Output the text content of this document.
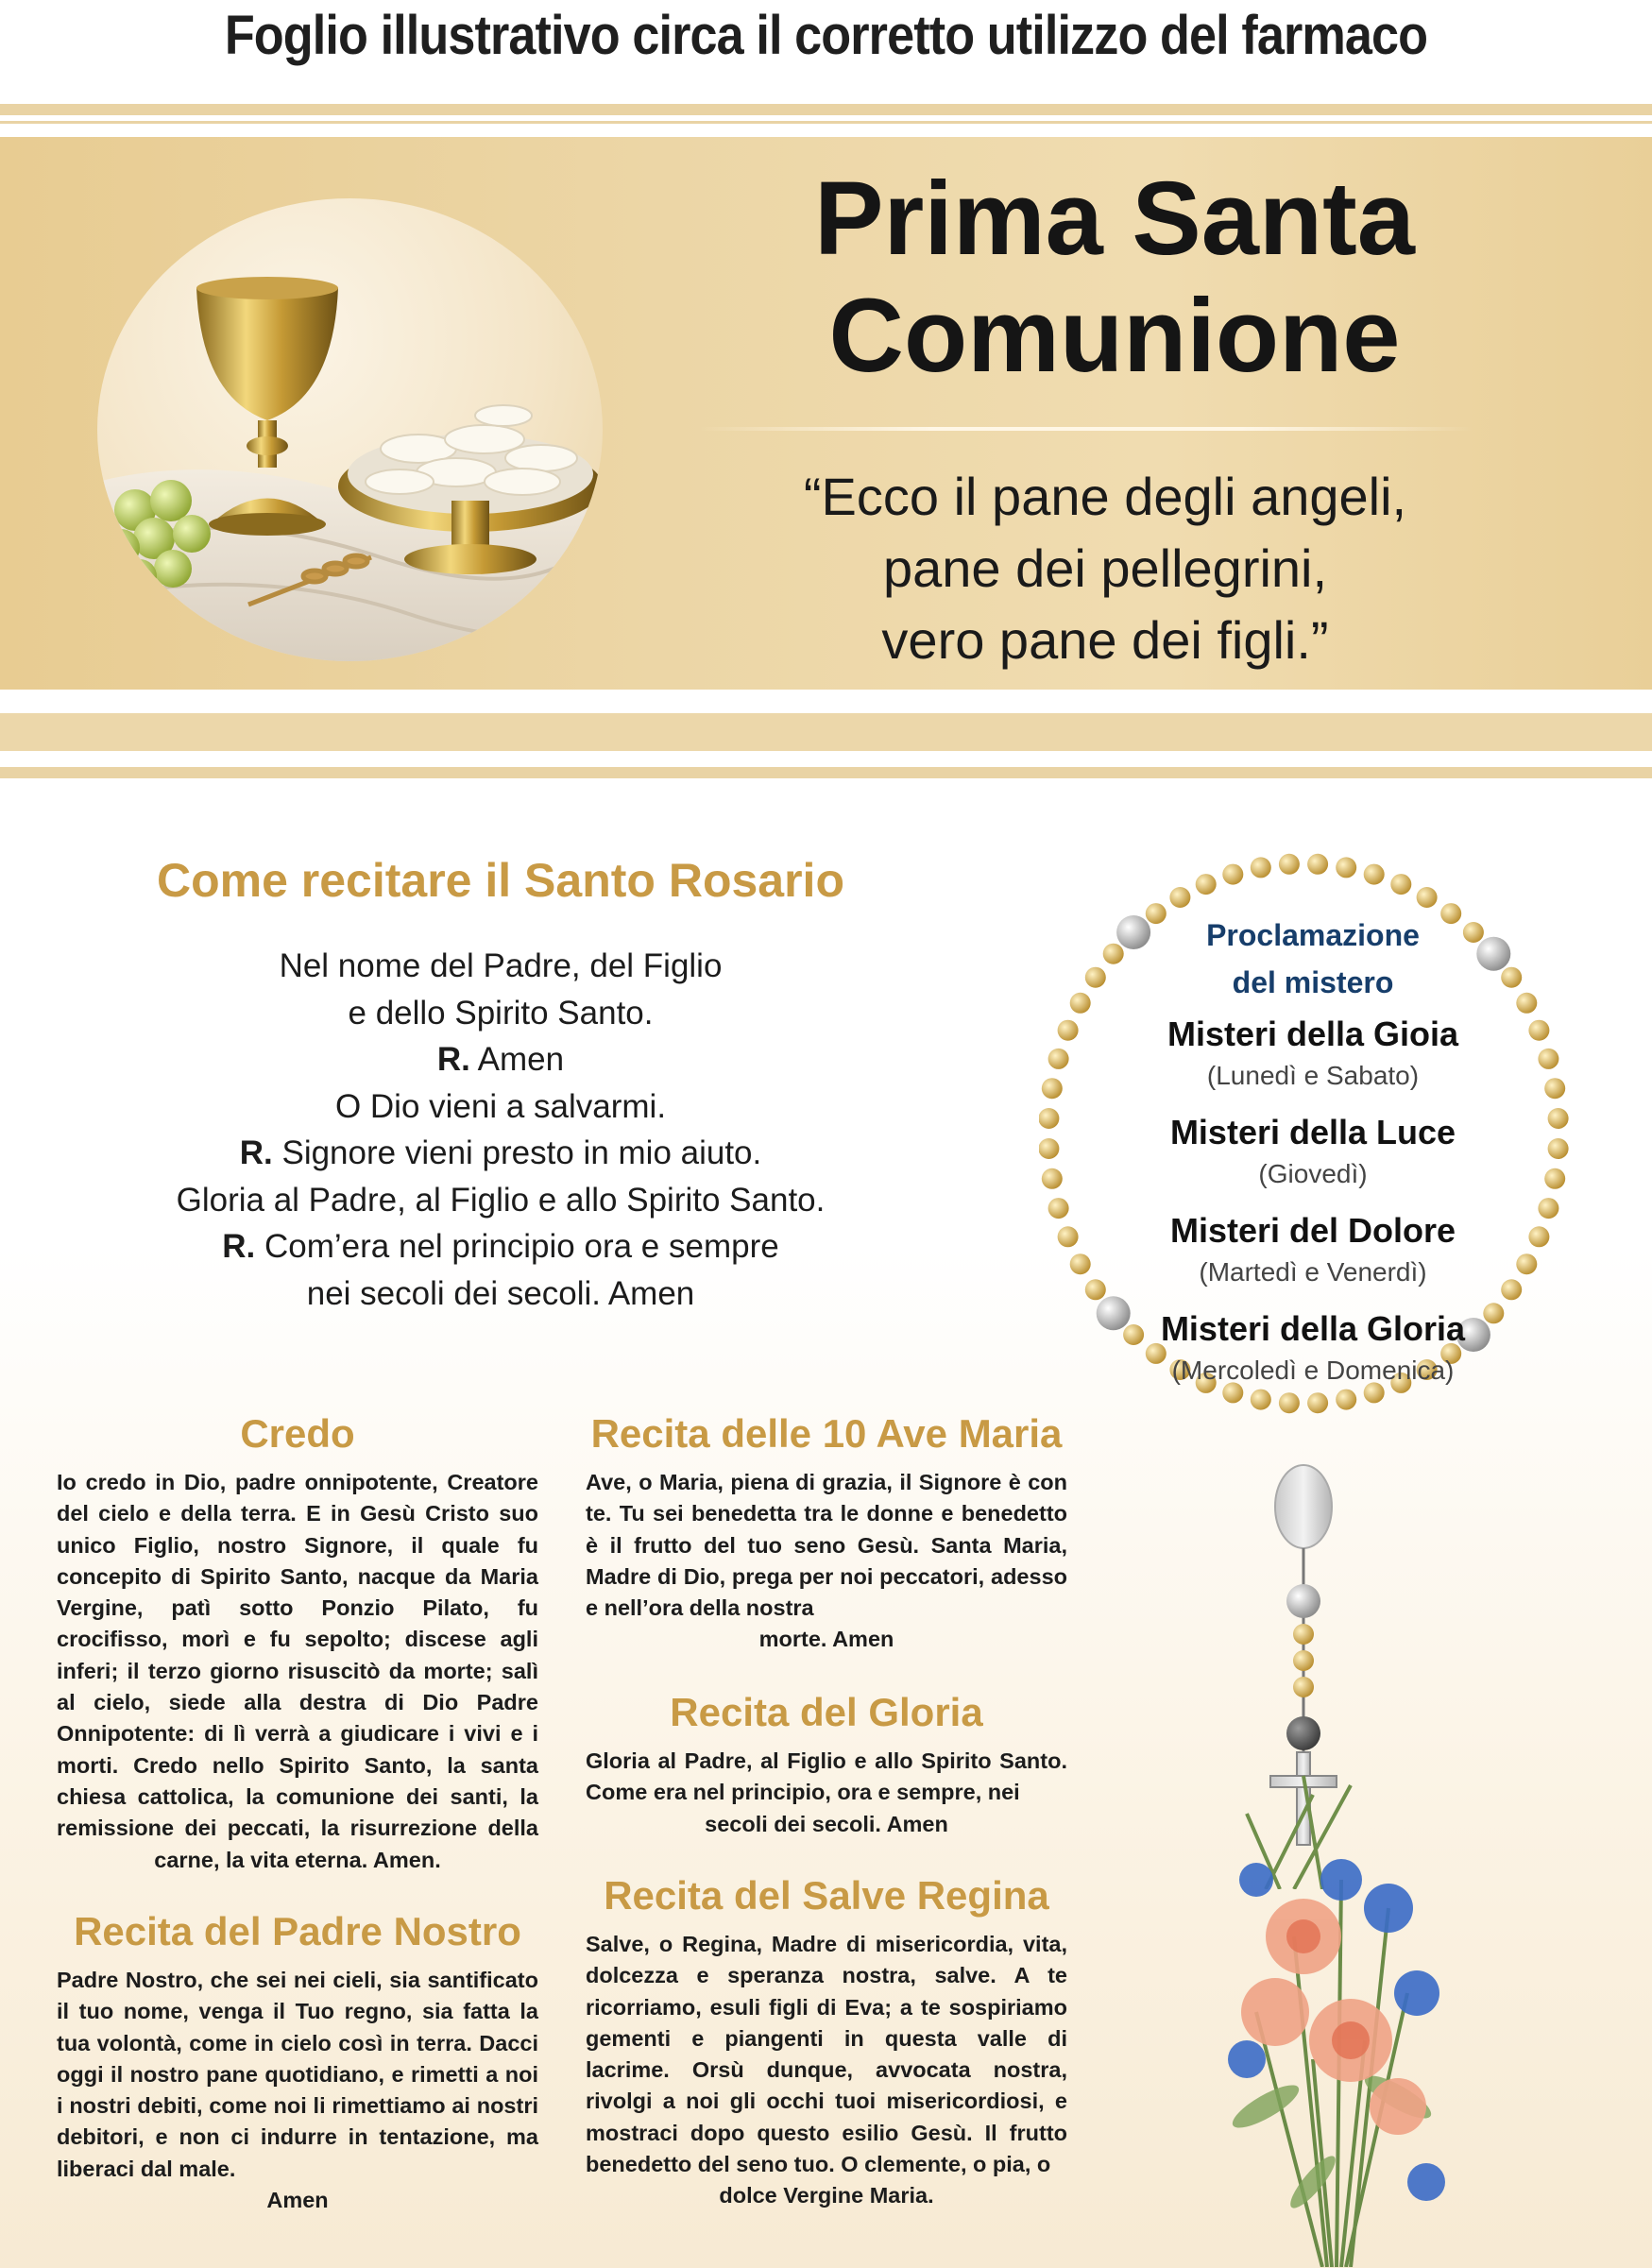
Foglio illustrativo circa il corretto utilizzo del farmaco
Prima Santa
Comunione
“Ecco il pane degli angeli,
pane dei pellegrini,
vero pane dei figli.”
Come recitare il Santo Rosario
Nel nome del Padre, del Figlio
e dello Spirito Santo.
R. Amen
O Dio vieni a salvarmi.
R. Signore vieni presto in mio aiuto.
Gloria al Padre, al Figlio e allo Spirito Santo.
R. Com’era nel principio ora e sempre
nei secoli dei secoli. Amen
Credo
Io credo in Dio, padre onnipotente, Creatore del cielo e della terra. E in Gesù Cristo suo unico Figlio, nostro Signore, il quale fu concepito di Spirito Santo, nacque da Maria Vergine, patì sotto Ponzio Pilato, fu crocifisso, morì e fu sepolto; discese agli inferi; il terzo giorno risuscitò da morte; salì al cielo, siede alla destra di Dio Padre Onnipotente: di lì verrà a giudicare i vivi e i morti. Credo nello Spirito Santo, la santa chiesa cattolica, la comunione dei santi, la remissione dei peccati, la risurrezione della carne, la vita eterna. Amen.
Recita del Padre Nostro
Padre Nostro, che sei nei cieli, sia santificato il tuo nome, venga il Tuo regno, sia fatta la tua volontà, come in cielo così in terra. Dacci oggi il nostro pane quotidiano, e rimetti a noi i nostri debiti, come noi li rimettiamo ai nostri debitori, e non ci indurre in tentazione, ma liberaci dal male.
Amen
Recita delle 10 Ave Maria
Ave, o Maria, piena di grazia, il Signore è con te. Tu sei benedetta tra le donne e benedetto è il frutto del tuo seno Gesù. Santa Maria, Madre di Dio, prega per noi peccatori, adesso e nell’ora della nostra
morte. Amen
Recita del Gloria
Gloria al Padre, al Figlio e allo Spirito Santo. Come era nel principio, ora e sempre, nei
secoli dei secoli. Amen
Recita del Salve Regina
Salve, o Regina, Madre di misericordia, vita, dolcezza e speranza nostra, salve. A te ricorriamo, esuli figli di Eva; a te sospiriamo gementi e piangenti in questa valle di lacrime. Orsù dunque, avvocata nostra, rivolgi a noi gli occhi tuoi misericordiosi, e mostraci dopo questo esilio Gesù. Il frutto benedetto del seno tuo. O clemente, o pia, o
dolce Vergine Maria.
Proclamazione
del mistero
Misteri della Gioia
(Lunedì e Sabato)
Misteri della Luce
(Giovedì)
Misteri del Dolore
(Martedì e Venerdì)
Misteri della Gloria
(Mercoledì e Domenica)
